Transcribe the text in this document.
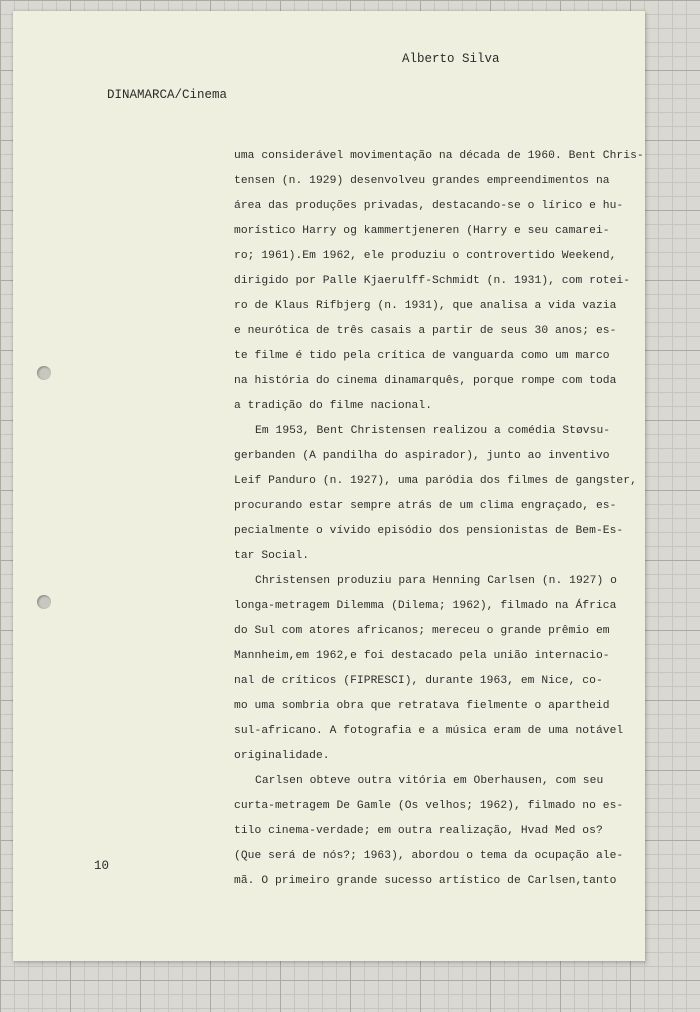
Alberto Silva
DINAMARCA/Cinema
uma considerável movimentação na década de 1960. Bent Chris-
tensen (n. 1929) desenvolveu grandes empreendimentos na
área das produções privadas, destacando-se o lírico e hu-
morístico Harry og kammertjeneren (Harry e seu camarei-
ro; 1961).Em 1962, ele produziu o controvertido Weekend,
dirigido por Palle Kjaerulff-Schmidt (n. 1931), com rotei-
ro de Klaus Rifbjerg (n. 1931), que analisa a vida vazia
e neurótica de três casais a partir de seus 30 anos; es-
te filme é tido pela crítica de vanguarda como um marco
na história do cinema dinamarquês, porque rompe com toda
a tradição do filme nacional.
Em 1953, Bent Christensen realizou a comédia Støvsu-
gerbanden (A pandilha do aspirador), junto ao inventivo
Leif Panduro (n. 1927), uma paródia dos filmes de gangster,
procurando estar sempre atrás de um clima engraçado, es-
pecialmente o vívido episódio dos pensionistas de Bem-Es-
tar Social.
Christensen produziu para Henning Carlsen (n. 1927) o
longa-metragem Dilemma (Dilema; 1962), filmado na África
do Sul com atores africanos; mereceu o grande prêmio em
Mannheim,em 1962,e foi destacado pela união internacio-
nal de críticos (FIPRESCI), durante 1963, em Nice, co-
mo uma sombria obra que retratava fielmente o apartheid
sul-africano. A fotografia e a música eram de uma notável
originalidade.
Carlsen obteve outra vitória em Oberhausen, com seu
curta-metragem De Gamle (Os velhos; 1962), filmado no es-
tilo cinema-verdade; em outra realização, Hvad Med os?
(Que será de nós?; 1963), abordou o tema da ocupação ale-
mã. O primeiro grande sucesso artístico de Carlsen,tanto
10
